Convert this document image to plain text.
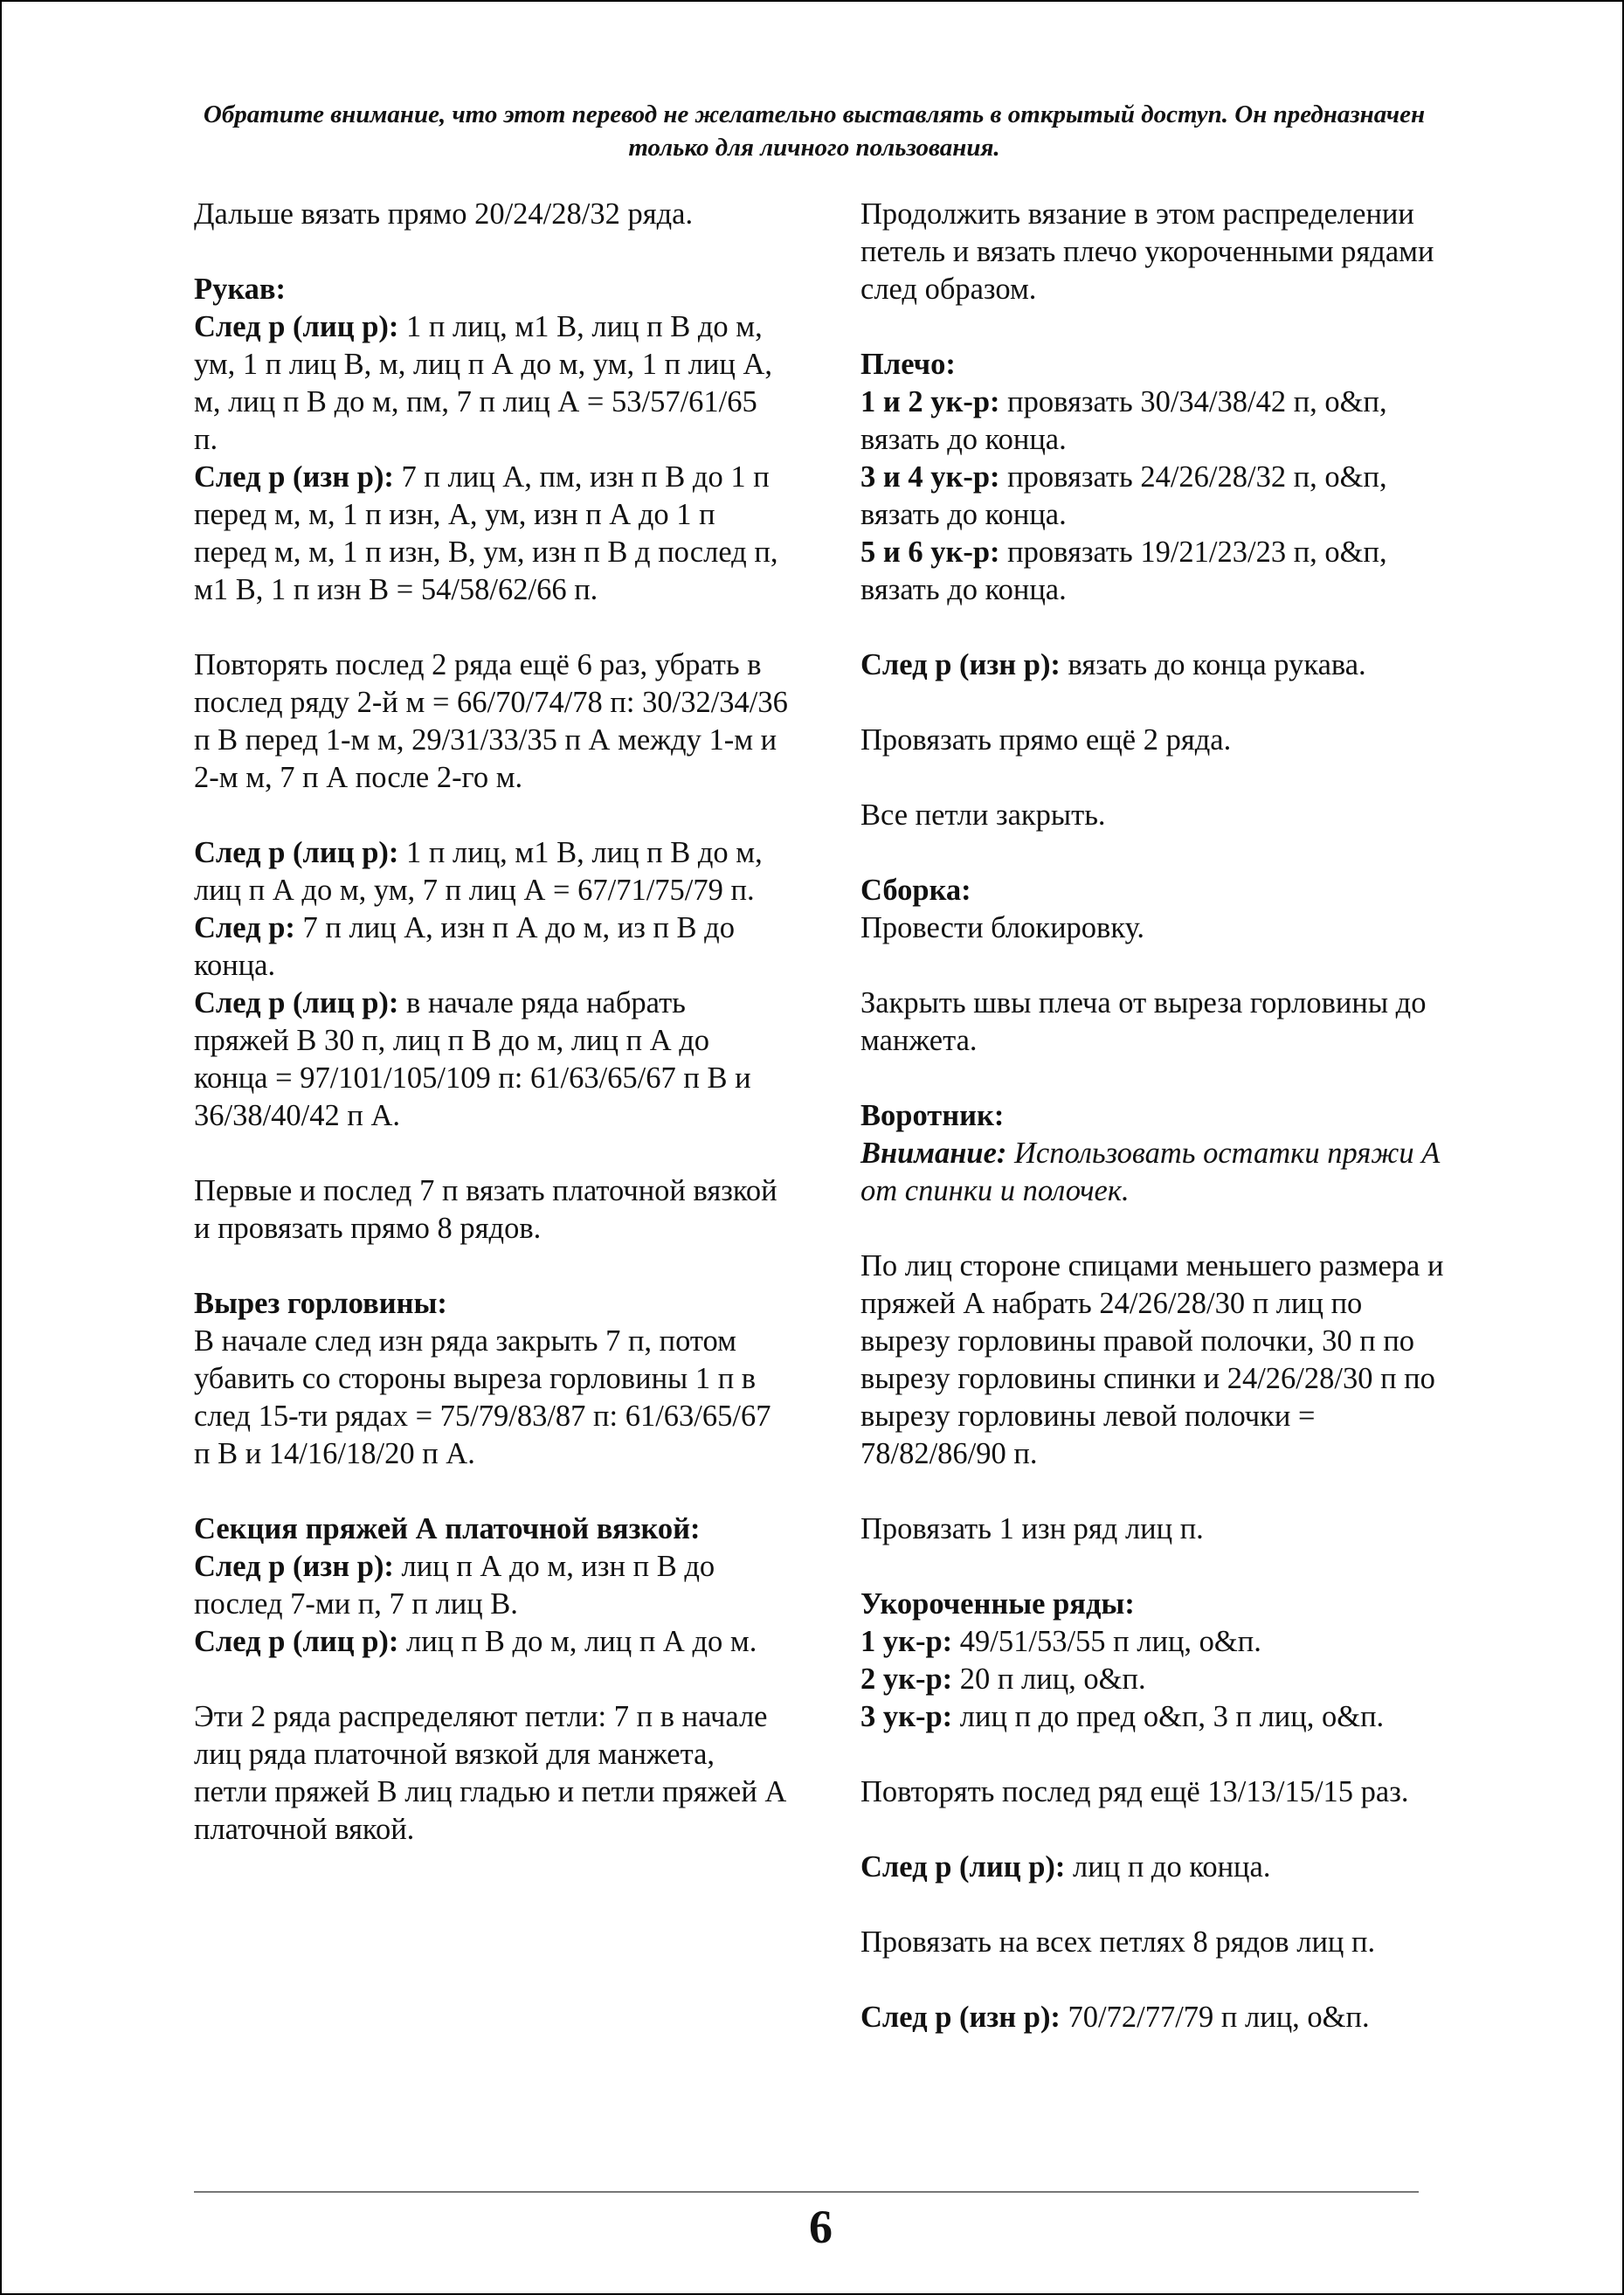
Обратите внимание, что этот перевод не желательно выставлять в открытый доступ. Он предназначен только для личного пользования.

Дальше вязать прямо 20/24/28/32 ряда.

Рукав:

След р (лиц р): 1 п лиц, м1 В, лиц п В до м, ум, 1 п лиц В, м, лиц п А до м, ум, 1 п лиц А, м, лиц п В до м, пм, 7 п лиц А = 53/57/61/65 п.

След р (изн р): 7 п лиц А, пм, изн п В до 1 п перед м, м, 1 п изн, А, ум, изн п А до 1 п перед м, м, 1 п изн, В, ум, изн п В д послед п, м1 В, 1 п изн В = 54/58/62/66 п.

Повторять послед 2 ряда ещё 6 раз, убрать в послед ряду 2-й м = 66/70/74/78 п: 30/32/34/36 п В перед 1-м м, 29/31/33/35 п А между 1-м и 2-м м, 7 п А после 2-го м.

След р (лиц р): 1 п лиц, м1 В, лиц п В до м, лиц п А до м, ум, 7 п лиц А = 67/71/75/79 п.

След р: 7 п лиц А, изн п А до м, из п В до конца.

След р (лиц р): в начале ряда набрать пряжей В 30 п, лиц п В до м, лиц п А до конца = 97/101/105/109 п: 61/63/65/67 п В и 36/38/40/42 п А.

Первые и послед 7 п вязать платочной вязкой и провязать прямо 8 рядов.

Вырез горловины:

В начале след изн ряда закрыть 7 п, потом убавить со стороны выреза горловины 1 п в след 15-ти рядах = 75/79/83/87 п: 61/63/65/67 п В и 14/16/18/20 п А.

Секция пряжей А платочной вязкой:

След р (изн р): лиц п А до м, изн п В до послед 7-ми п, 7 п лиц В.

След р (лиц р): лиц п В до м, лиц п А до м.

Эти 2 ряда распределяют петли: 7 п в начале лиц ряда платочной вязкой для манжета, петли пряжей В лиц гладью и петли пряжей А платочной вякой.

Продолжить вязание в этом распределении петель и вязать плечо укороченными рядами след образом.

Плечо:

1 и 2 ук-р: провязать 30/34/38/42 п, о&п, вязать до конца.

3 и 4 ук-р: провязать 24/26/28/32 п, о&п, вязать до конца.

5 и 6 ук-р: провязать 19/21/23/23 п, о&п, вязать до конца.

След р (изн р): вязать до конца рукава.

Провязать прямо ещё 2 ряда.

Все петли закрыть.

Сборка:

Провести блокировку.

Закрыть швы плеча от выреза горловины до манжета.

Воротник:

Внимание: Использовать остатки пряжи А от спинки и полочек.

По лиц стороне спицами меньшего размера и пряжей А набрать 24/26/28/30 п лиц по вырезу горловины правой полочки, 30 п по вырезу горловины спинки и 24/26/28/30 п по вырезу горловины левой полочки = 78/82/86/90 п.

Провязать 1 изн ряд лиц п.

Укороченные ряды:

1 ук-р: 49/51/53/55 п лиц, о&п.

2 ук-р: 20 п лиц, о&п.

3 ук-р: лиц п до пред о&п, 3 п лиц, о&п.

Повторять послед ряд ещё 13/13/15/15 раз.

След р (лиц р): лиц п до конца.

Провязать на всех петлях 8 рядов лиц п.

След р (изн р): 70/72/77/79 п лиц, о&п.

6
